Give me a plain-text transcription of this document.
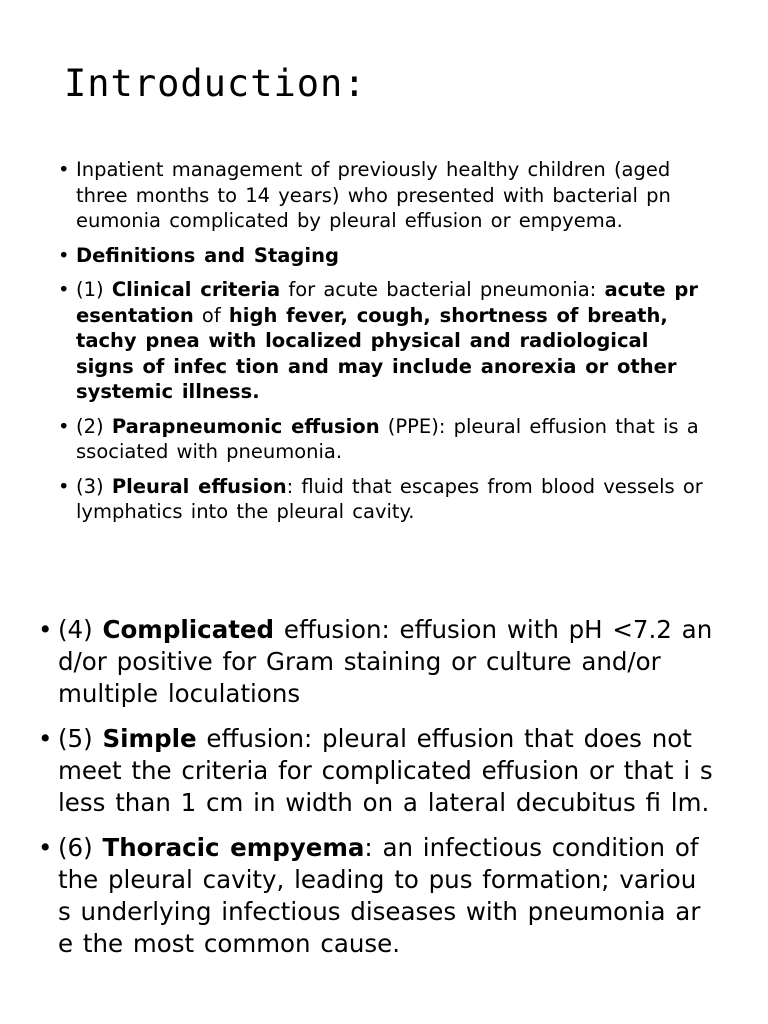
Introduction:
• Inpatient management of previously healthy children (aged three months to 14 years) who presented with bacterial pn eumonia complicated by pleural effusion or empyema.
• Definitions and Staging
• (1) Clinical criteria for acute bacterial pneumonia: acute pr esentation of high fever, cough, shortness of breath, tachy pnea with localized physical and radiological signs of infec tion and may include anorexia or other systemic illness.
• (2) Parapneumonic effusion (PPE): pleural effusion that is a ssociated with pneumonia.
• (3) Pleural effusion: fluid that escapes from blood vessels or lymphatics into the pleural cavity.
• (4) Complicated effusion: effusion with pH <7.2 an d/or positive for Gram staining or culture and/or multiple loculations
• (5) Simple effusion: pleural effusion that does not meet the criteria for complicated effusion or that i s less than 1 cm in width on a lateral decubitus fi lm.
• (6) Thoracic empyema: an infectious condition of the pleural cavity, leading to pus formation; variou s underlying infectious diseases with pneumonia ar e the most common cause.
